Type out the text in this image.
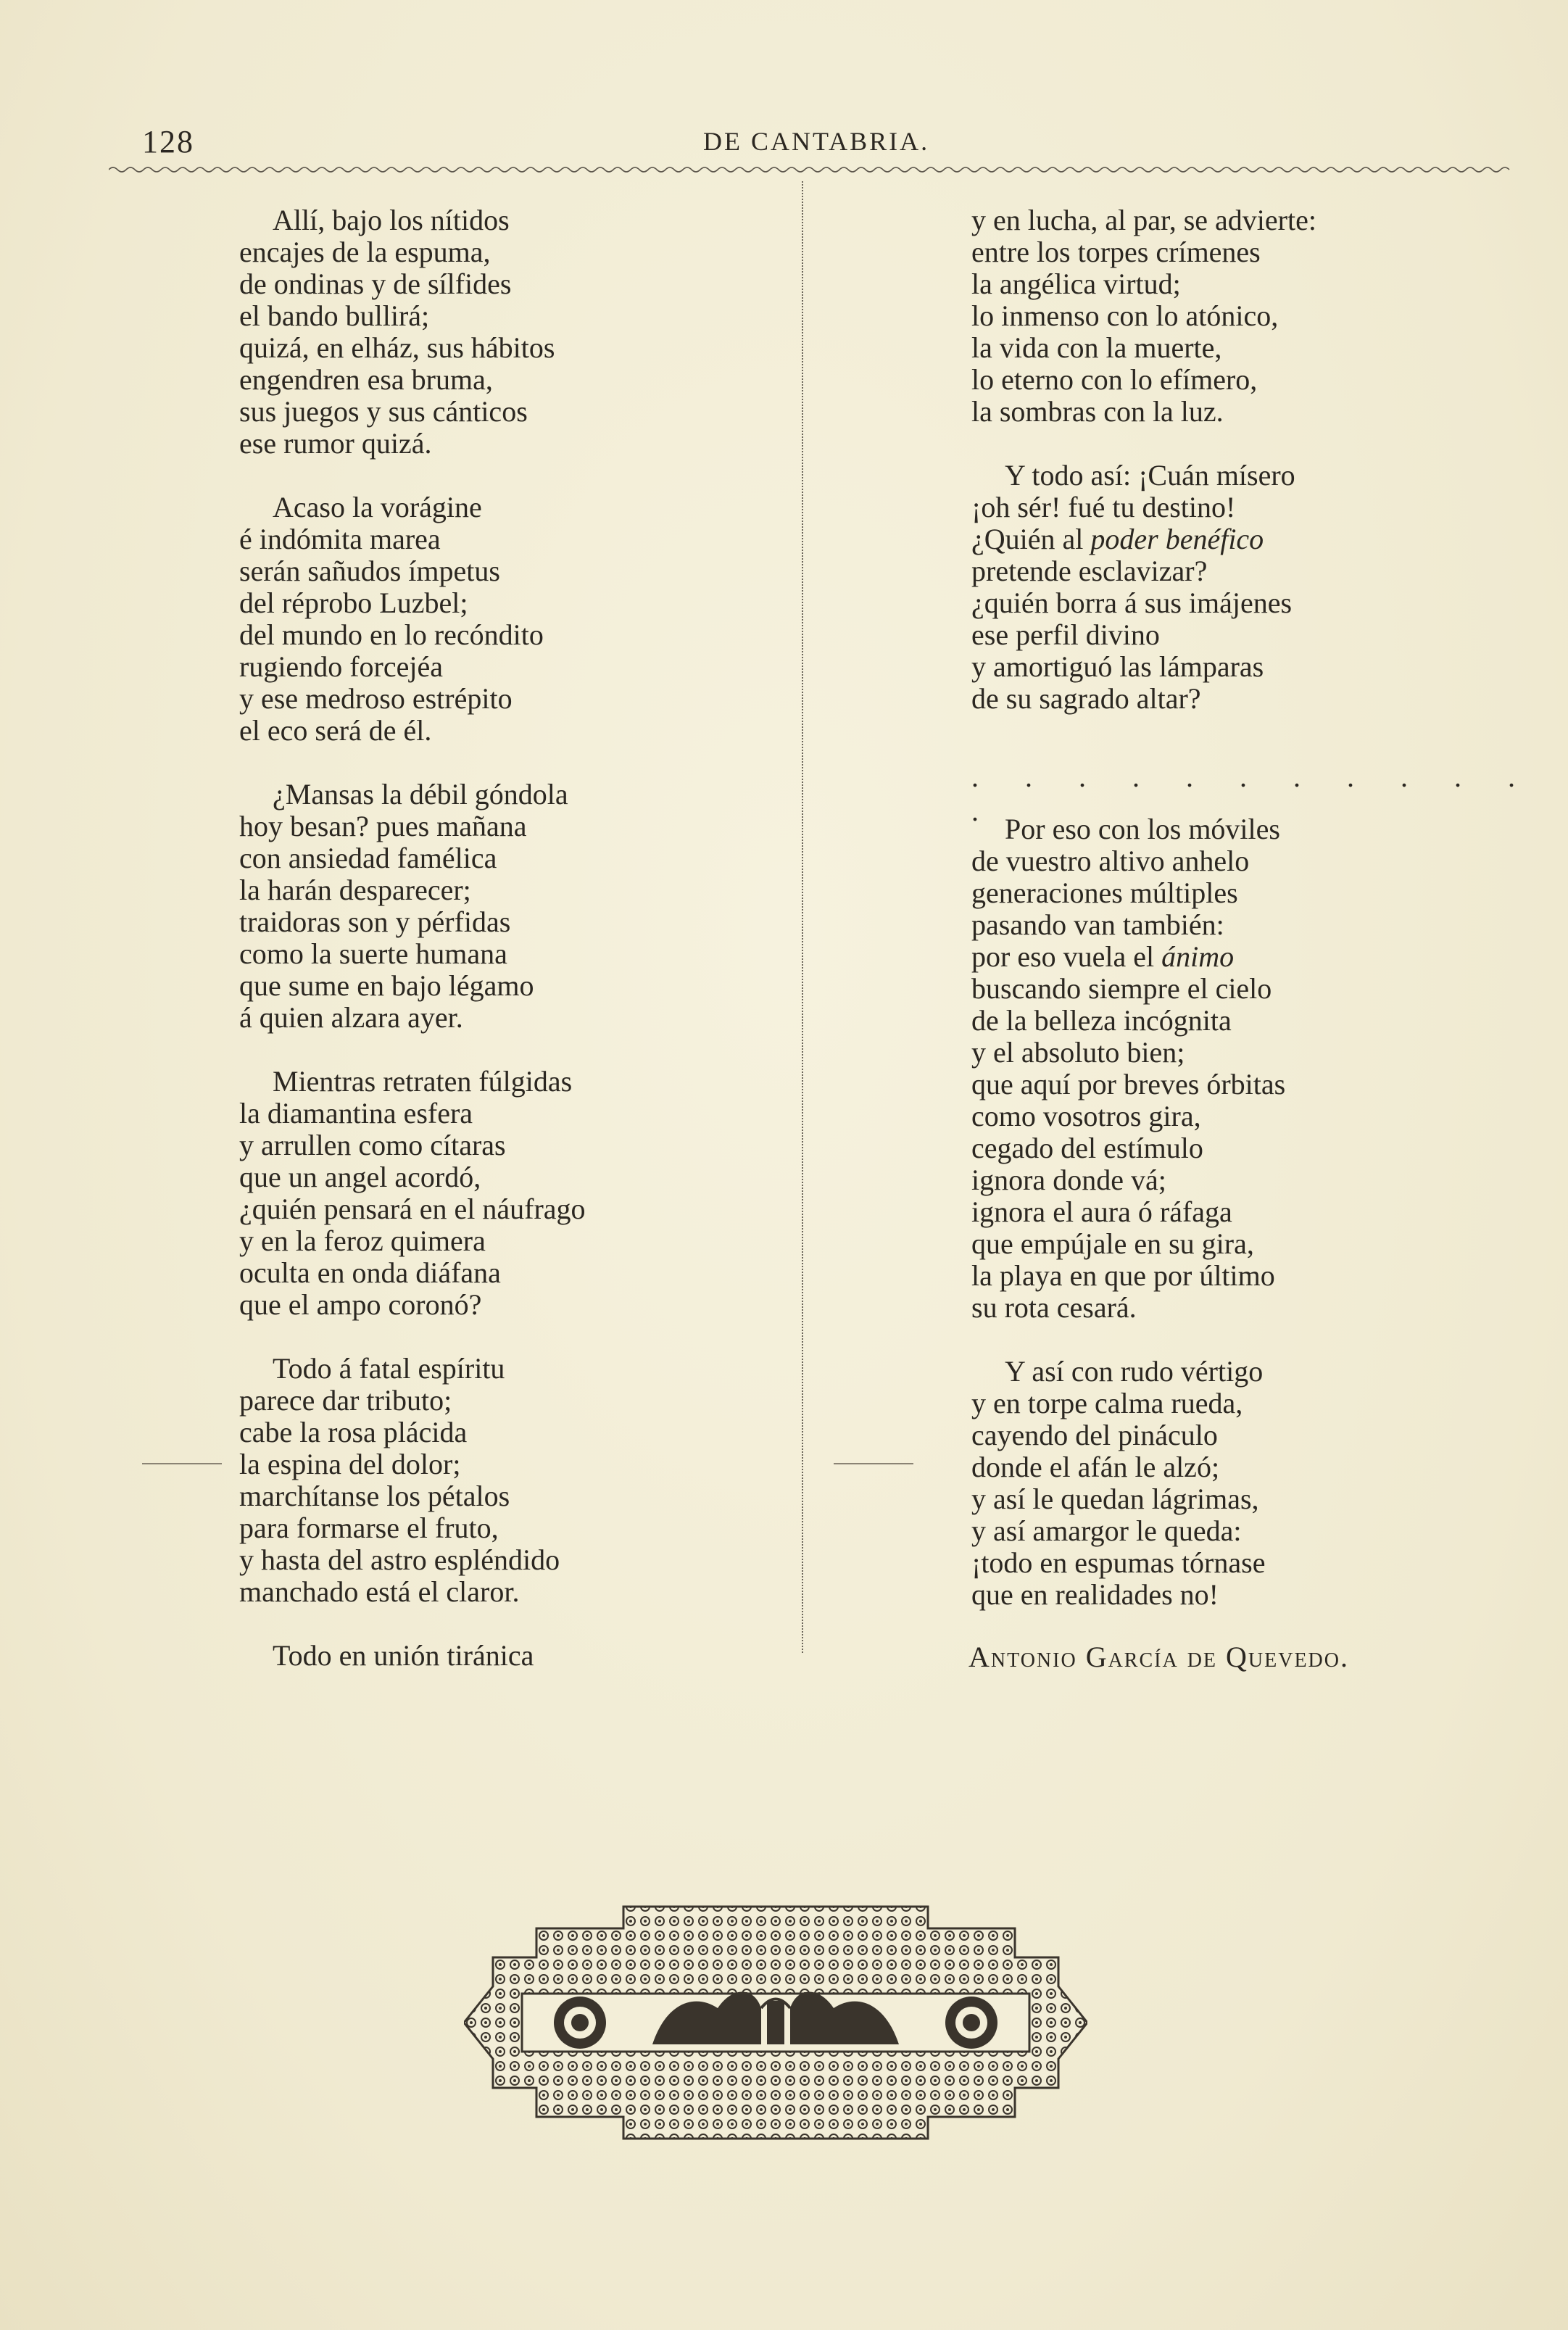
128	DE CANTABRIA.
Allí, bajo los nítidos
encajes de la espuma,
de ondinas y de sílfides
el bando bullirá;
quizá, en elház, sus hábitos
engendren esa bruma,
sus juegos y sus cánticos
ese rumor quizá.
Acaso la vorágine
é indómita marea
serán sañudos ímpetus
del réprobo Luzbel;
del mundo en lo recóndito
rugiendo forcejéa
y ese medroso estrépito
el eco será de él.
¿Mansas la débil góndola
hoy besan? pues mañana
con ansiedad famélica
la harán desparecer;
traidoras son y pérfidas
como la suerte humana
que sume en bajo légamo
á quien alzara ayer.
Mientras retraten fúlgidas
la diamantina esfera
y arrullen como cítaras
que un angel acordó,
¿quién pensará en el náufrago
y en la feroz quimera
oculta en onda diáfana
que el ampo coronó?
Todo á fatal espíritu
parece dar tributo;
cabe la rosa plácida
la espina del dolor;
marchítanse los pétalos
para formarse el fruto,
y hasta del astro espléndido
manchado está el claror.
Todo en unión tiránica
y en lucha, al par, se advierte:
entre los torpes crímenes
la angélica virtud;
lo inmenso con lo atónico,
la vida con la muerte,
lo eterno con lo efímero,
la sombras con la luz.
Y todo así: ¡Cuán mísero
¡oh sér! fué tu destino!
¿Quién al poder benéfico
pretende esclavizar?
¿quién borra á sus imájenes
ese perfil divino
y amortiguó las lámparas
de su sagrado altar?
. . . . . . . . . . . .
Por eso con los móviles
de vuestro altivo anhelo
generaciones múltiples
pasando van también:
por eso vuela el ánimo
buscando siempre el cielo
de la belleza incógnita
y el absoluto bien;
que aquí por breves órbitas
como vosotros gira,
cegado del estímulo
ignora donde vá;
ignora el aura ó ráfaga
que empújale en su gira,
la playa en que por último
su rota cesará.
Y así con rudo vértigo
y en torpe calma rueda,
cayendo del pináculo
donde el afán le alzó;
y así le quedan lágrimas,
y así amargor le queda:
¡todo en espumas tórnase
que en realidades no!
Antonio García de Quevedo.
